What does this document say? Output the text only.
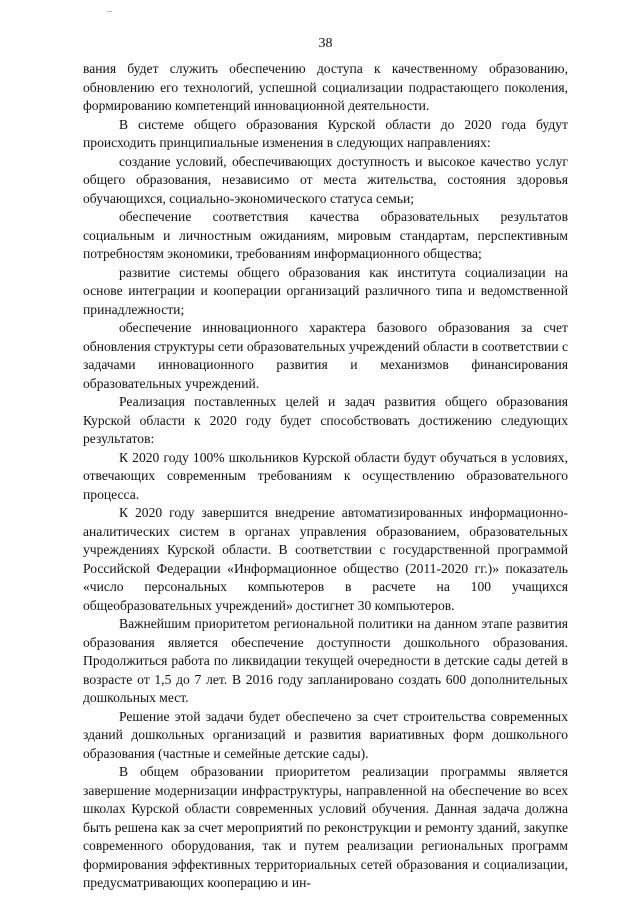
38

вания будет служить обеспечению доступа к качественному образованию, обновлению его технологий, успешной социализации подрастающего поколения, формированию компетенций инновационной деятельности.

В системе общего образования Курской области до 2020 года будут происходить принципиальные изменения в следующих направлениях:

создание условий, обеспечивающих доступность и высокое качество услуг общего образования, независимо от места жительства, состояния здоровья обучающихся, социально-экономического статуса семьи;

обеспечение соответствия качества образовательных результатов социальным и личностным ожиданиям, мировым стандартам, перспективным потребностям экономики, требованиям информационного общества;

развитие системы общего образования как института социализации на основе интеграции и кооперации организаций различного типа и ведомственной принадлежности;

обеспечение инновационного характера базового образования за счет обновления структуры сети образовательных учреждений области в соответствии с задачами инновационного развития и механизмов финансирования образовательных учреждений.

Реализация поставленных целей и задач развития общего образования Курской области к 2020 году будет способствовать достижению следующих результатов:

К 2020 году 100% школьников Курской области будут обучаться в условиях, отвечающих современным требованиям к осуществлению образовательного процесса.

К 2020 году завершится внедрение автоматизированных информационно-аналитических систем в органах управления образованием, образовательных учреждениях Курской области. В соответствии с государственной программой Российской Федерации «Информационное общество (2011-2020 гг.)» показатель «число персональных компьютеров в расчете на 100 учащихся общеобразовательных учреждений» достигнет 30 компьютеров.

Важнейшим приоритетом региональной политики на данном этапе развития образования является обеспечение доступности дошкольного образования. Продолжиться работа по ликвидации текущей очередности в детские сады детей в возрасте от 1,5 до 7 лет. В 2016 году запланировано создать 600 дополнительных дошкольных мест.

Решение этой задачи будет обеспечено за счет строительства современных зданий дошкольных организаций и развития вариативных форм дошкольного образования (частные и семейные детские сады).

В общем образовании приоритетом реализации программы является завершение модернизации инфраструктуры, направленной на обеспечение во всех школах Курской области современных условий обучения. Данная задача должна быть решена как за счет мероприятий по реконструкции и ремонту зданий, закупке современного оборудования, так и путем реализации региональных программ формирования эффективных территориальных сетей образования и социализации, предусматривающих кооперацию и ин-
